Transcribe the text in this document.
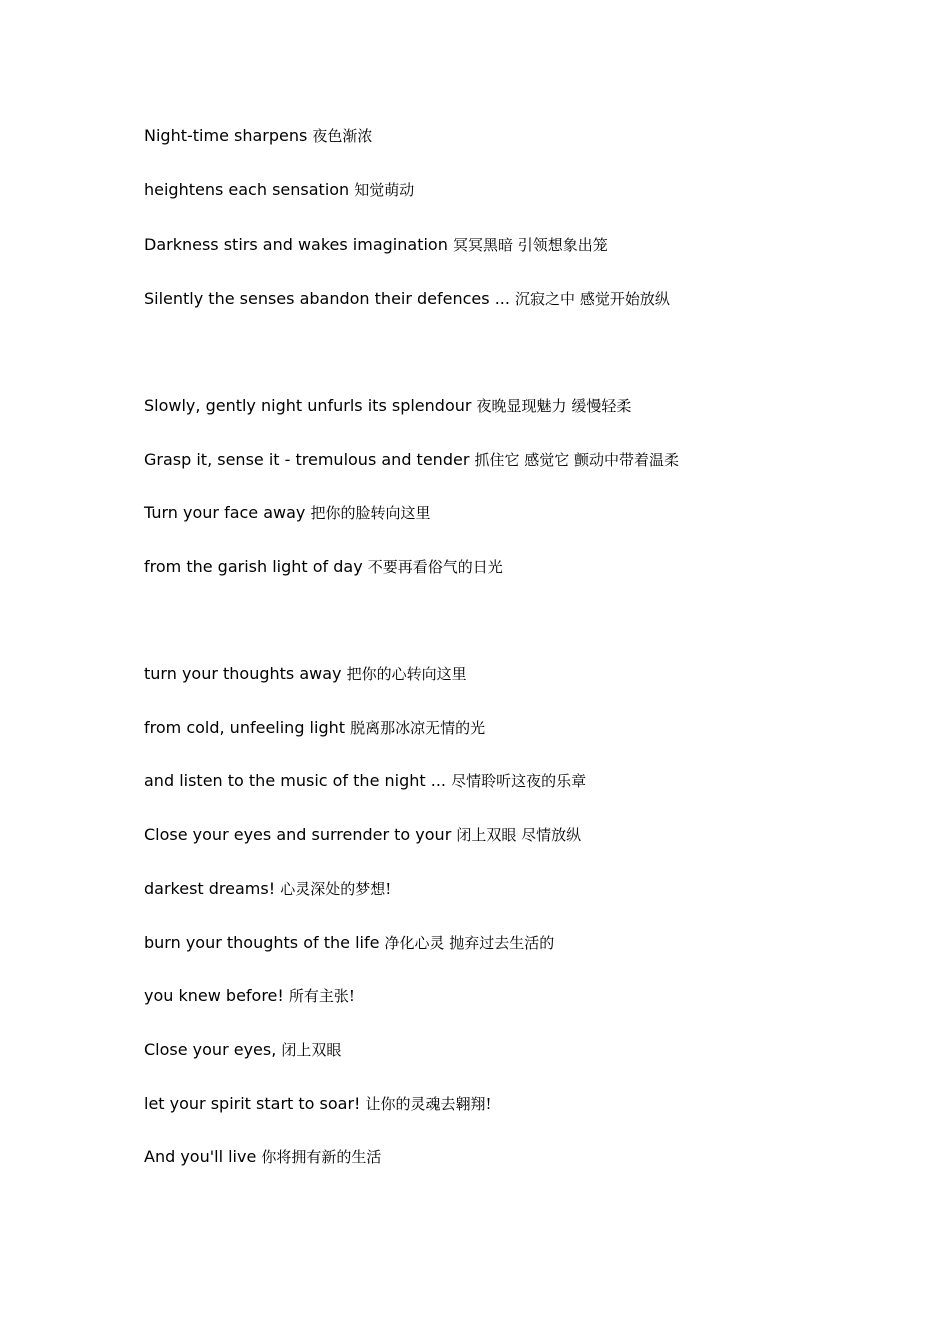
Night-time sharpens 夜色渐浓
heightens each sensation 知觉萌动
Darkness stirs and wakes imagination 冥冥黑暗 引领想象出笼
Silently the senses abandon their defences ... 沉寂之中 感觉开始放纵
Slowly, gently night unfurls its splendour 夜晚显现魅力 缓慢轻柔
Grasp it, sense it - tremulous and tender 抓住它 感觉它 颤动中带着温柔
Turn your face away 把你的脸转向这里
from the garish light of day 不要再看俗气的日光
turn your thoughts away 把你的心转向这里
from cold, unfeeling light 脱离那冰凉无情的光
and listen to the music of the night ... 尽情聆听这夜的乐章
Close your eyes and surrender to your 闭上双眼 尽情放纵
darkest dreams! 心灵深处的梦想!
burn your thoughts of the life 净化心灵 抛弃过去生活的
you knew before! 所有主张!
Close your eyes, 闭上双眼
let your spirit start to soar! 让你的灵魂去翱翔!
And you'll live 你将拥有新的生活
